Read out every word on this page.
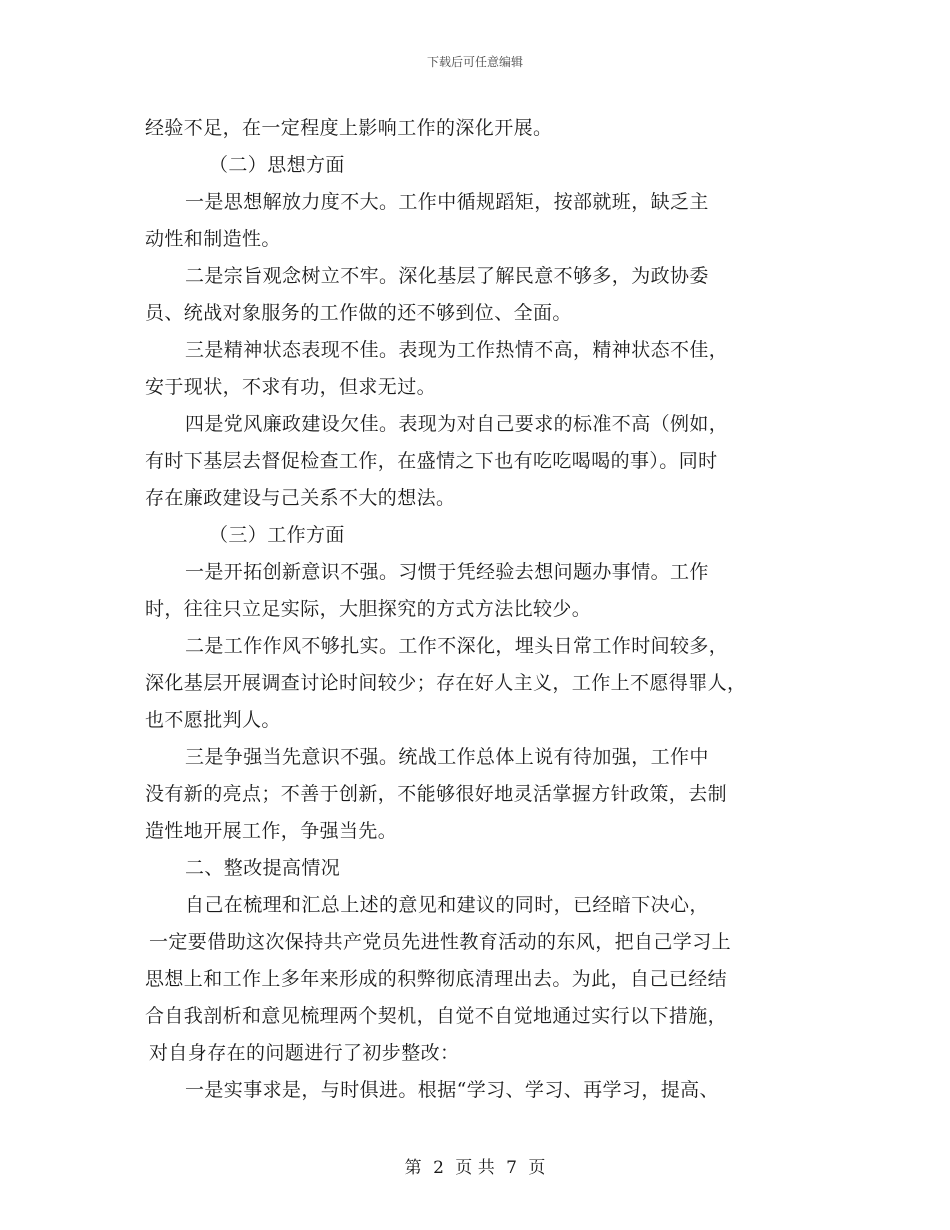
下载后可任意编辑
经验不足，在一定程度上影响工作的深化开展。
（二）思想方面
一是思想解放力度不大。工作中循规蹈矩，按部就班，缺乏主
动性和制造性。
二是宗旨观念树立不牢。深化基层了解民意不够多，为政协委
员、统战对象服务的工作做的还不够到位、全面。
三是精神状态表现不佳。表现为工作热情不高，精神状态不佳，
安于现状，不求有功，但求无过。
四是党风廉政建设欠佳。表现为对自己要求的标准不高（例如，
有时下基层去督促检查工作，在盛情之下也有吃吃喝喝的事）。同时
存在廉政建设与己关系不大的想法。
（三）工作方面
一是开拓创新意识不强。习惯于凭经验去想问题办事情。工作
时，往往只立足实际，大胆探究的方式方法比较少。
二是工作作风不够扎实。工作不深化，埋头日常工作时间较多，
深化基层开展调查讨论时间较少；存在好人主义，工作上不愿得罪人，
也不愿批判人。
三是争强当先意识不强。统战工作总体上说有待加强，工作中
没有新的亮点；不善于创新，不能够很好地灵活掌握方针政策，去制
造性地开展工作，争强当先。
二、整改提高情况
自己在梳理和汇总上述的意见和建议的同时，已经暗下决心，
一定要借助这次保持共产党员先进性教育活动的东风，把自己学习上
思想上和工作上多年来形成的积弊彻底清理出去。为此，自己已经结
合自我剖析和意见梳理两个契机，自觉不自觉地通过实行以下措施，
对自身存在的问题进行了初步整改：
一是实事求是，与时俱进。根据“学习、学习、再学习，提高、
第 2 页 共 7 页
